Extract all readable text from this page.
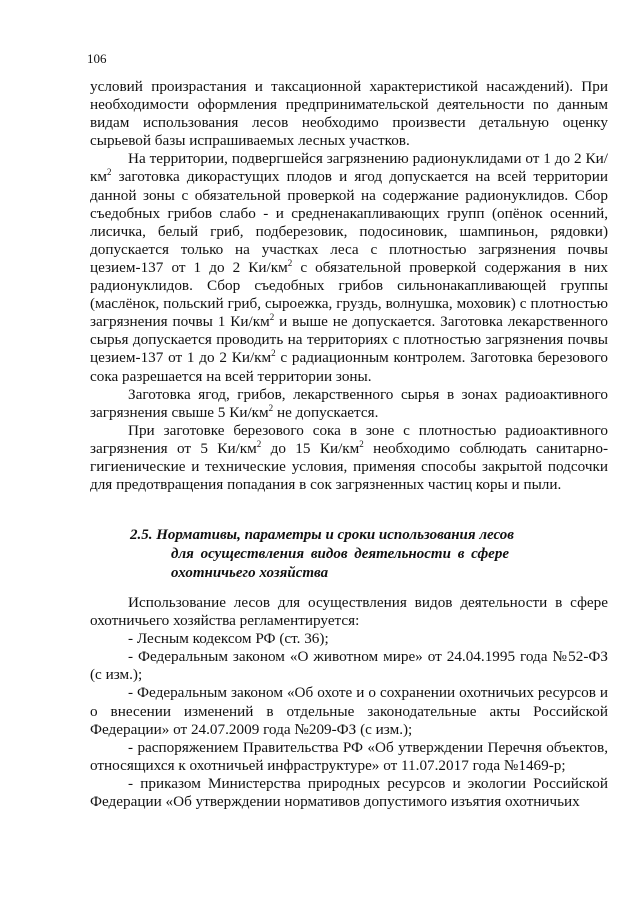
106

условий произрастания и таксационной характеристикой насаждений). При необходимости оформления предпринимательской деятельности по данным видам использования лесов необходимо произвести детальную оценку сырьевой базы испрашиваемых лесных участков.

На территории, подвергшейся загрязнению радионуклидами от 1 до 2 $Ки/км^2$ заготовка дикорастущих плодов и ягод допускается на всей территории данной зоны с обязательной проверкой на содержание радионуклидов. Сбор съедобных грибов слабо - и средненакапливающих групп (опёнок осенний, лисичка, белый гриб, подберезовик, подосиновик, шампиньон, рядовки) допускается только на участках леса с плотностью загрязнения почвы цезием-137 от 1 до 2 $Ки/км^2$ с обязательной проверкой содержания в них радионуклидов. Сбор съедобных грибов сильнонакапливающей группы (маслёнок, польский гриб, сыроежка, груздь, волнушка, моховик) с плотностью загрязнения почвы 1 $Ки/км^2$ и выше не допускается. Заготовка лекарственного сырья допускается проводить на территориях с плотностью загрязнения почвы цезием-137 от 1 до 2 $Ки/км^2$ с радиационным контролем. Заготовка березового сока разрешается на всей территории зоны.

Заготовка ягод, грибов, лекарственного сырья в зонах радиоактивного загрязнения свыше 5 $Ки/км^2$ не допускается.

При заготовке березового сока в зоне с плотностью радиоактивного загрязнения от 5 $Ки/км^2$ до 15 $Ки/км^2$ необходимо соблюдать санитарно-гигиенические и технические условия, применяя способы закрытой подсочки для предотвращения попадания в сок загрязненных частиц коры и пыли.

2.5. Нормативы, параметры и сроки использования лесов
для осуществления видов деятельности в сфере
охотничьего хозяйства

Использование лесов для осуществления видов деятельности в сфере охотничьего хозяйства регламентируется:

- Лесным кодексом РФ (ст. 36);

- Федеральным законом «О животном мире» от 24.04.1995 года №52-ФЗ (с изм.);

- Федеральным законом «Об охоте и о сохранении охотничьих ресурсов и о внесении изменений в отдельные законодательные акты Российской Федерации» от 24.07.2009 года №209-ФЗ (с изм.);

- распоряжением Правительства РФ «Об утверждении Перечня объектов, относящихся к охотничьей инфраструктуре» от 11.07.2017 года №1469-р;

- приказом Министерства природных ресурсов и экологии Российской Федерации «Об утверждении нормативов допустимого изъятия охотничьих
